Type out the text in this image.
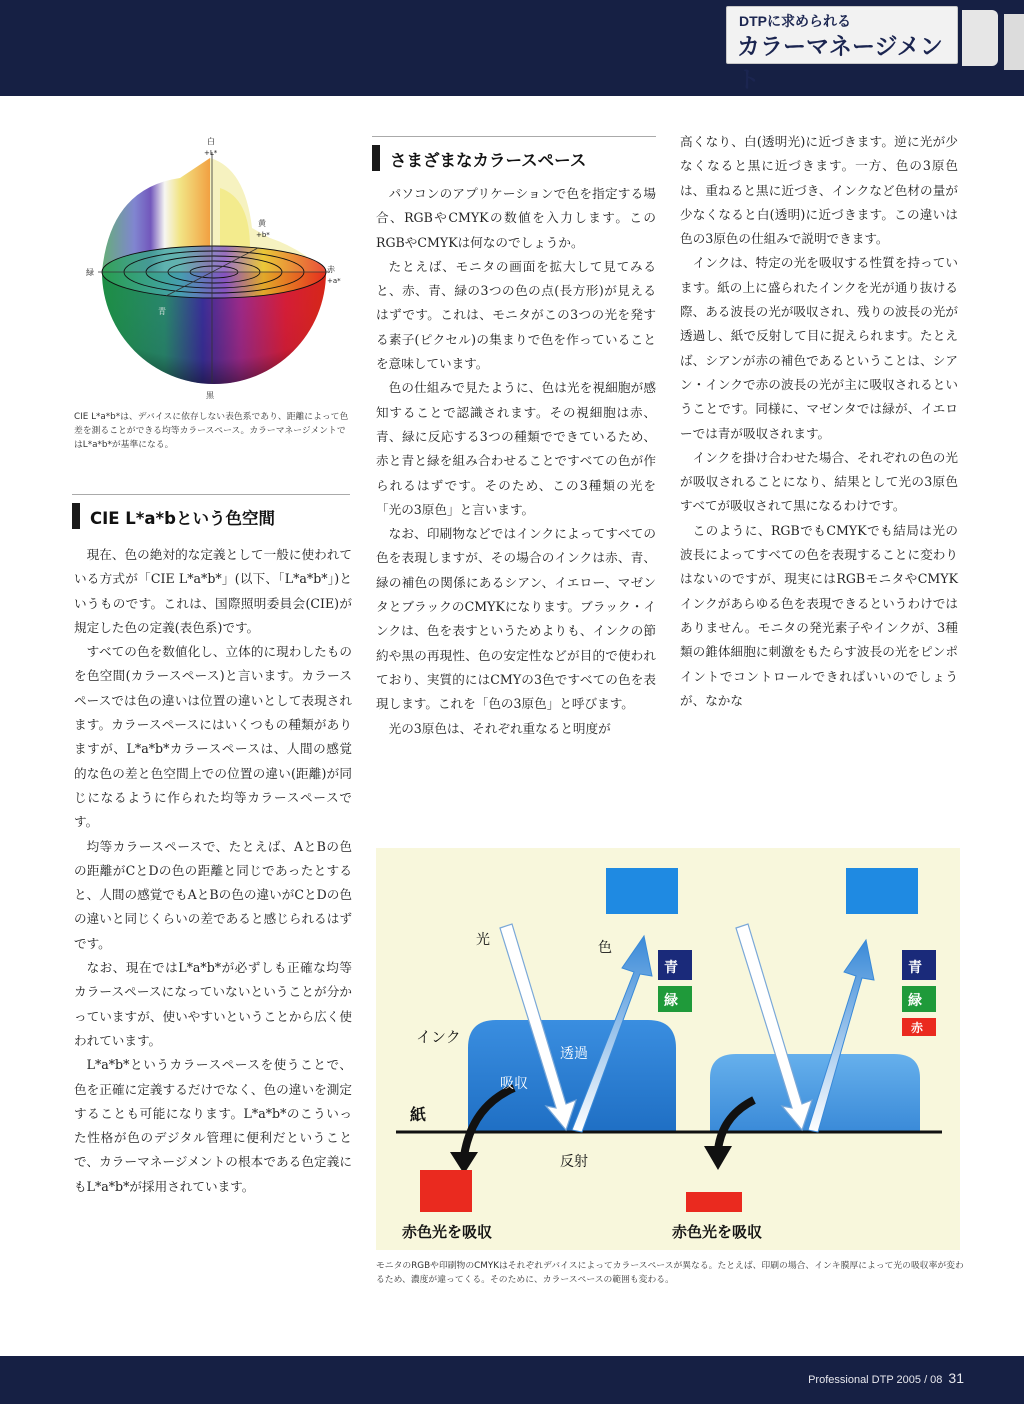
DTPに求められる
カラーマネージメント
白
+L*
黄
+b*
緑	赤
+a*
青
黒
CIE L*a*b*は、デバイスに依存しない表色系であり、距離によって色差を測ることができる均等カラースペース。カラーマネージメントではL*a*b*が基準になる。
CIE L*a*bという色空間

現在、色の絶対的な定義として一般に使われている方式が「CIE L*a*b*」(以下、「L*a*b*」)というものです。これは、国際照明委員会(CIE)が規定した色の定義(表色系)です。

すべての色を数値化し、立体的に現わしたものを色空間(カラースペース)と言います。カラースペースでは色の違いは位置の違いとして表現されます。カラースペースにはいくつもの種類がありますが、L*a*b*カラースペースは、人間の感覚的な色の差と色空間上での位置の違い(距離)が同じになるように作られた均等カラースペースです。

均等カラースペースで、たとえば、AとBの色の距離がCとDの色の距離と同じであったとすると、人間の感覚でもAとBの色の違いがCとDの色の違いと同じくらいの差であると感じられるはずです。

なお、現在ではL*a*b*が必ずしも正確な均等カラースペースになっていないということが分かっていますが、使いやすいということから広く使われています。

L*a*b*というカラースペースを使うことで、色を正確に定義するだけでなく、色の違いを測定することも可能になります。L*a*b*のこういった性格が色のデジタル管理に便利だということで、カラーマネージメントの根本である色定義にもL*a*b*が採用されています。

さまざまなカラースペース

パソコンのアプリケーションで色を指定する場合、RGBやCMYKの数値を入力します。このRGBやCMYKは何なのでしょうか。

たとえば、モニタの画面を拡大して見てみると、赤、青、緑の3つの色の点(長方形)が見えるはずです。これは、モニタがこの3つの光を発する素子(ピクセル)の集まりで色を作っていることを意味しています。

色の仕組みで見たように、色は光を視細胞が感知することで認識されます。その視細胞は赤、青、緑に反応する3つの種類でできているため、赤と青と緑を組み合わせることですべての色が作られるはずです。そのため、この3種類の光を「光の3原色」と言います。

なお、印刷物などではインクによってすべての色を表現しますが、その場合のインクは赤、青、緑の補色の関係にあるシアン、イエロー、マゼンタとブラックのCMYKになります。ブラック・インクは、色を表すというためよりも、インクの節約や黒の再現性、色の安定性などが目的で使われており、実質的にはCMYの3色ですべての色を表現します。これを「色の3原色」と呼びます。

光の3原色は、それぞれ重なると明度が

高くなり、白(透明光)に近づきます。逆に光が少なくなると黒に近づきます。一方、色の3原色は、重ねると黒に近づき、インクなど色材の量が少なくなると白(透明)に近づきます。この違いは色の3原色の仕組みで説明できます。

インクは、特定の光を吸収する性質を持っています。紙の上に盛られたインクを光が通り抜ける際、ある波長の光が吸収され、残りの波長の光が透過し、紙で反射して目に捉えられます。たとえば、シアンが赤の補色であるということは、シアン・インクで赤の波長の光が主に吸収されるということです。同様に、マゼンタでは緑が、イエローでは青が吸収されます。

インクを掛け合わせた場合、それぞれの色の光が吸収されることになり、結果として光の3原色すべてが吸収されて黒になるわけです。

このように、RGBでもCMYKでも結局は光の波長によってすべての色を表現することに変わりはないのですが、現実にはRGBモニタやCMYKインクがあらゆる色を表現できるというわけではありません。モニタの発光素子やインクが、3種類の錐体細胞に刺激をもたらす波長の光をピンポイントでコントロールできればいいのでしょうが、なかな

青
緑
青
緑
赤
光	色
インク
透過
吸収
紙
反射
赤色光を吸収	赤色光を吸収
モニタのRGBや印刷物のCMYKはそれぞれデバイスによってカラースペースが異なる。たとえば、印刷の場合、インキ膜厚によって光の吸収率が変わるため、濃度が違ってくる。そのために、カラースペースの範囲も変わる。
Professional DTP 2005 / 08 31
